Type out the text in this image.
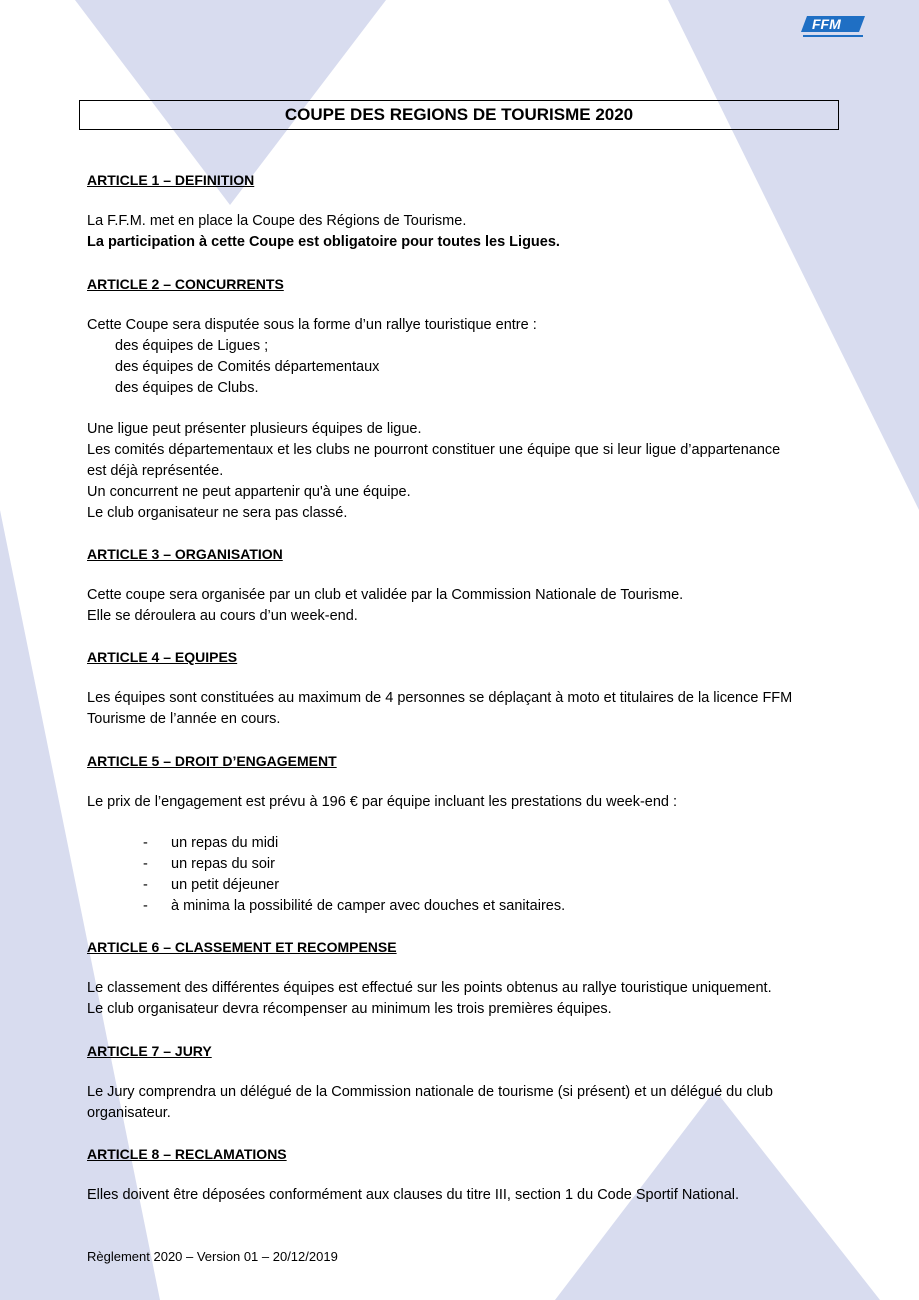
FFM
COUPE DES REGIONS DE TOURISME 2020
ARTICLE 1 – DEFINITION
La F.F.M. met en place la Coupe des Régions de Tourisme.
La participation à cette Coupe est obligatoire pour toutes les Ligues.
ARTICLE 2 – CONCURRENTS
Cette Coupe sera disputée sous la forme d’un rallye touristique entre :
des équipes de Ligues ;
des équipes de Comités départementaux
des équipes de Clubs.
Une ligue peut présenter plusieurs équipes de ligue.
Les comités départementaux et les clubs ne pourront constituer une équipe que si leur ligue d’appartenance
est déjà représentée.
Un concurrent ne peut appartenir qu'à une équipe.
Le club organisateur ne sera pas classé.
ARTICLE 3 – ORGANISATION
Cette coupe sera organisée par un club et validée par la Commission Nationale de Tourisme.
Elle se déroulera au cours d’un week-end.
ARTICLE 4 – EQUIPES
Les équipes sont constituées au maximum de 4 personnes se déplaçant à moto et titulaires de la licence FFM
Tourisme de l’année en cours.
ARTICLE 5 – DROIT D’ENGAGEMENT
Le prix de l’engagement est prévu à 196 € par équipe incluant les prestations du week-end :
-	un repas du midi
-	un repas du soir
-	un petit déjeuner
-	à minima la possibilité de camper avec douches et sanitaires.
ARTICLE 6 – CLASSEMENT ET RECOMPENSE
Le classement des différentes équipes est effectué sur les points obtenus au rallye touristique uniquement.
Le club organisateur devra récompenser au minimum les trois premières équipes.
ARTICLE 7 – JURY
Le Jury comprendra un délégué de la Commission nationale de tourisme (si présent) et un délégué du club
organisateur.
ARTICLE 8 – RECLAMATIONS
Elles doivent être déposées conformément aux clauses du titre III, section 1 du Code Sportif National.
Règlement 2020 – Version 01 – 20/12/2019
